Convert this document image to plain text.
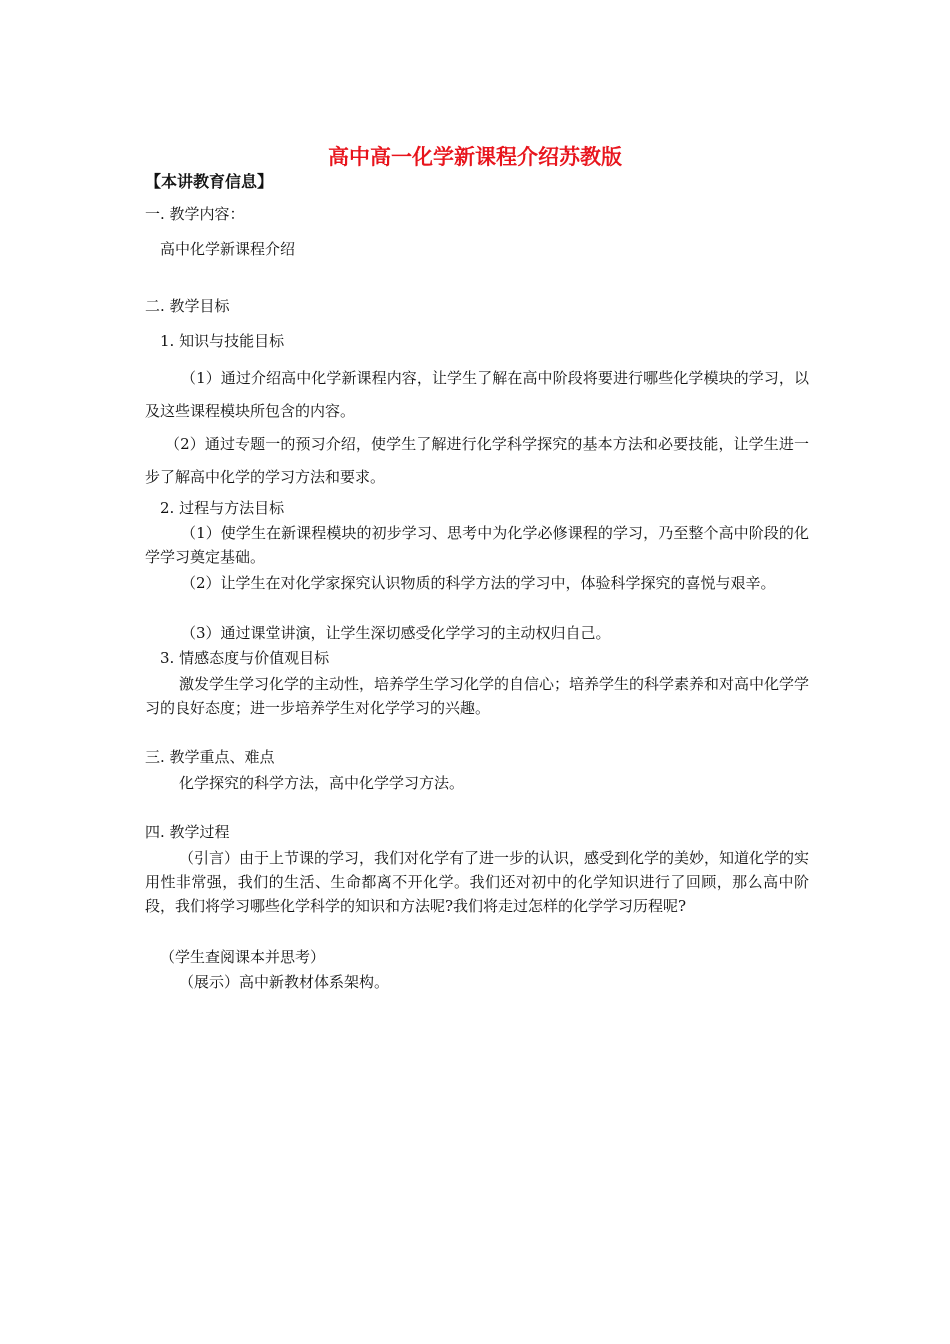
高中高一化学新课程介绍苏教版
【本讲教育信息】
一. 教学内容：
高中化学新课程介绍
二. 教学目标
1. 知识与技能目标

（1）通过介绍高中化学新课程内容，让学生了解在高中阶段将要进行哪些化学模块的学习，以及这些课程模块所包含的内容。

（2）通过专题一的预习介绍，使学生了解进行化学科学探究的基本方法和必要技能，让学生进一步了解高中化学的学习方法和要求。

2. 过程与方法目标

（1）使学生在新课程模块的初步学习、思考中为化学必修课程的学习，乃至整个高中阶段的化学学习奠定基础。

（2）让学生在对化学家探究认识物质的科学方法的学习中，体验科学探究的喜悦与艰辛。

（3）通过课堂讲演，让学生深切感受化学学习的主动权归自己。

3. 情感态度与价值观目标

激发学生学习化学的主动性，培养学生学习化学的自信心；培养学生的科学素养和对高中化学学习的良好态度；进一步培养学生对化学学习的兴趣。

三. 教学重点、难点
化学探究的科学方法，高中化学学习方法。
四. 教学过程

（引言）由于上节课的学习，我们对化学有了进一步的认识，感受到化学的美妙，知道化学的实用性非常强，我们的生活、生命都离不开化学。我们还对初中的化学知识进行了回顾，那么高中阶段，我们将学习哪些化学科学的知识和方法呢?我们将走过怎样的化学学习历程呢?

（学生查阅课本并思考）

（展示）高中新教材体系架构。
